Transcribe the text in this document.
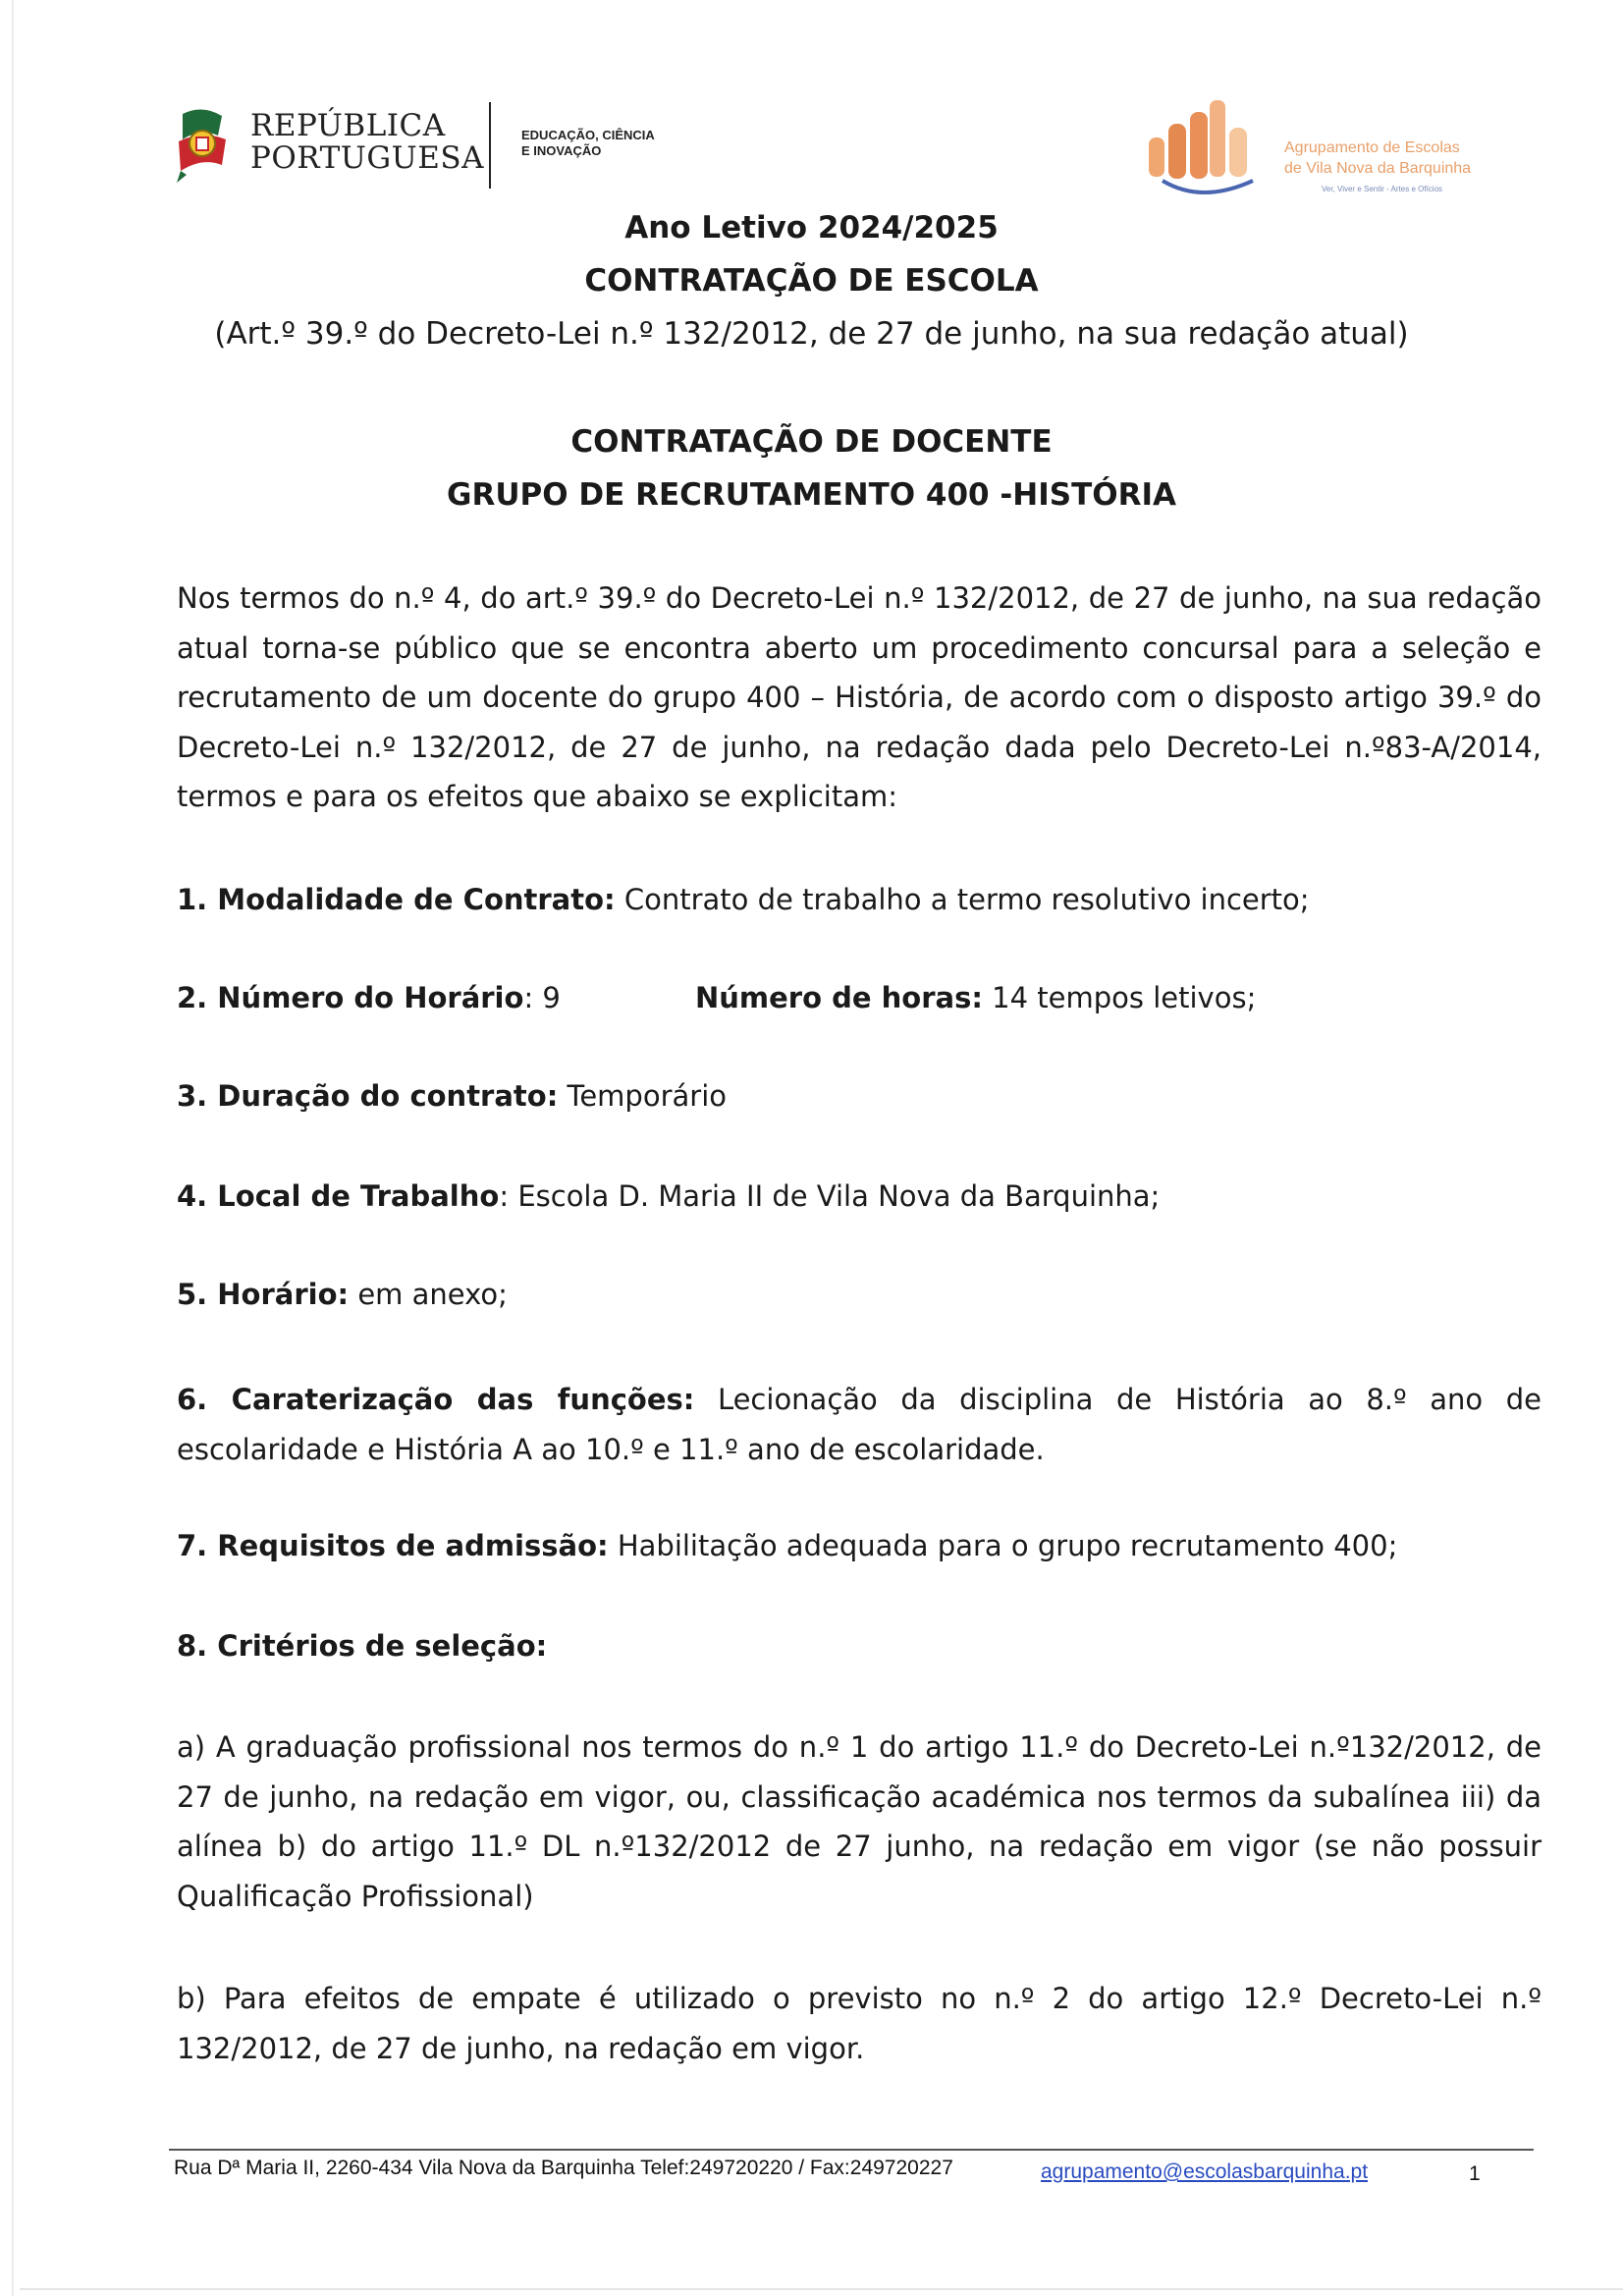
REPÚBLICA
PORTUGUESA
EDUCAÇÃO, CIÊNCIA
E INOVAÇÃO	Agrupamento de Escolas
de Vila Nova da Barquinha
Ver, Viver e Sentir - Artes e Ofícios
Ano Letivo 2024/2025
CONTRATAÇÃO DE ESCOLA
(Art.º 39.º do Decreto-Lei n.º 132/2012, de 27 de junho, na sua redação atual)
CONTRATAÇÃO DE DOCENTE
GRUPO DE RECRUTAMENTO 400 -HISTÓRIA
Nos termos do n.º 4, do art.º 39.º do Decreto-Lei n.º 132/2012, de 27 de junho, na sua redação atual torna-se público que se encontra aberto um procedimento concursal para a seleção e recrutamento de um docente do grupo 400 – História, de acordo com o disposto artigo 39.º do Decreto-Lei n.º 132/2012, de 27 de junho, na redação dada pelo Decreto-Lei n.º83-A/2014, termos e para os efeitos que abaixo se explicitam:
1. Modalidade de Contrato: Contrato de trabalho a termo resolutivo incerto;
2. Número do Horário: 9	Número de horas: 14 tempos letivos;
3. Duração do contrato: Temporário
4. Local de Trabalho: Escola D. Maria II de Vila Nova da Barquinha;
5. Horário: em anexo;
6. Caraterização das funções: Lecionação da disciplina de História ao 8.º ano de escolaridade e História A ao 10.º e 11.º ano de escolaridade.
7. Requisitos de admissão: Habilitação adequada para o grupo recrutamento 400;
8. Critérios de seleção:
a) A graduação profissional nos termos do n.º 1 do artigo 11.º do Decreto-Lei n.º132/2012, de 27 de junho, na redação em vigor, ou, classificação académica nos termos da subalínea iii) da alínea b) do artigo 11.º DL n.º132/2012 de 27 junho, na redação em vigor (se não possuir Qualificação Profissional)
b) Para efeitos de empate é utilizado o previsto no n.º 2 do artigo 12.º Decreto-Lei n.º 132/2012, de 27 de junho, na redação em vigor.
Rua Dª Maria II, 2260-434 Vila Nova da Barquinha Telef:249720220 / Fax:249720227	agrupamento@escolasbarquinha.pt	1
